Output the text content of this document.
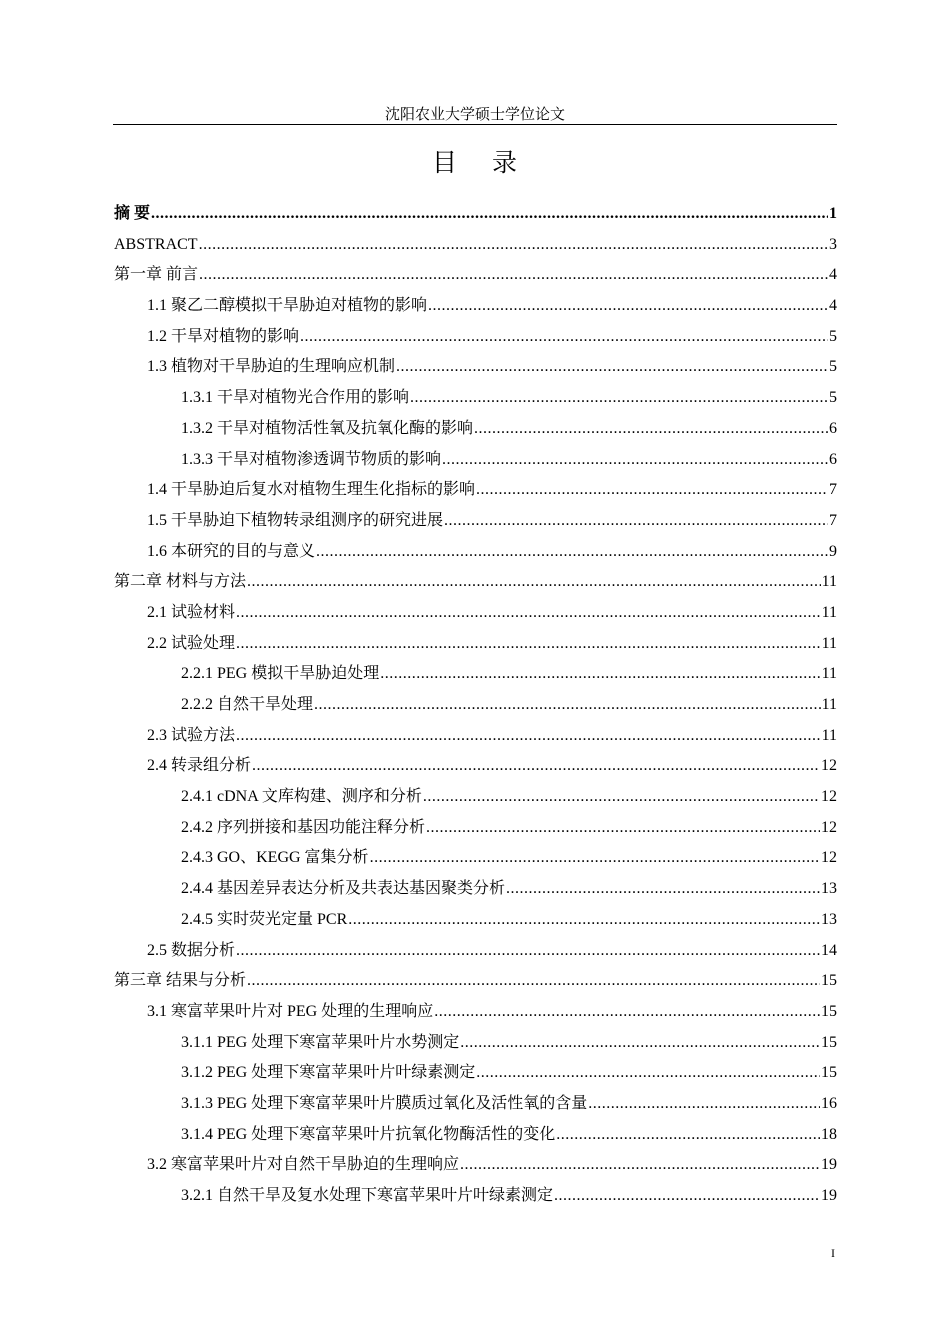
沈阳农业大学硕士学位论文
目 录
摘 要 .....	1
ABSTRACT .....	3
第一章 前言 .....	4
1.1 聚乙二醇模拟干旱胁迫对植物的影响 .....	4
1.2 干旱对植物的影响 .....	5
1.3 植物对干旱胁迫的生理响应机制 .....	5
1.3.1 干旱对植物光合作用的影响 .....	5
1.3.2 干旱对植物活性氧及抗氧化酶的影响 .....	6
1.3.3 干旱对植物渗透调节物质的影响 .....	6
1.4 干旱胁迫后复水对植物生理生化指标的影响 .....	7
1.5 干旱胁迫下植物转录组测序的研究进展 .....	7
1.6 本研究的目的与意义 .....	9
第二章 材料与方法 .....	11
2.1 试验材料 .....	11
2.2 试验处理 .....	11
2.2.1 PEG 模拟干旱胁迫处理 .....	11
2.2.2 自然干旱处理 .....	11
2.3 试验方法 .....	11
2.4 转录组分析 .....	12
2.4.1 cDNA 文库构建、测序和分析 .....	12
2.4.2 序列拼接和基因功能注释分析 .....	12
2.4.3 GO、KEGG 富集分析 .....	12
2.4.4 基因差异表达分析及共表达基因聚类分析 .....	13
2.4.5 实时荧光定量 PCR .....	13
2.5 数据分析 .....	14
第三章 结果与分析 .....	15
3.1 寒富苹果叶片对 PEG 处理的生理响应 .....	15
3.1.1 PEG 处理下寒富苹果叶片水势测定 .....	15
3.1.2 PEG 处理下寒富苹果叶片叶绿素测定 .....	15
3.1.3 PEG 处理下寒富苹果叶片膜质过氧化及活性氧的含量 .....	16
3.1.4 PEG 处理下寒富苹果叶片抗氧化物酶活性的变化 .....	18
3.2 寒富苹果叶片对自然干旱胁迫的生理响应 .....	19
3.2.1 自然干旱及复水处理下寒富苹果叶片叶绿素测定 .....	19
I
